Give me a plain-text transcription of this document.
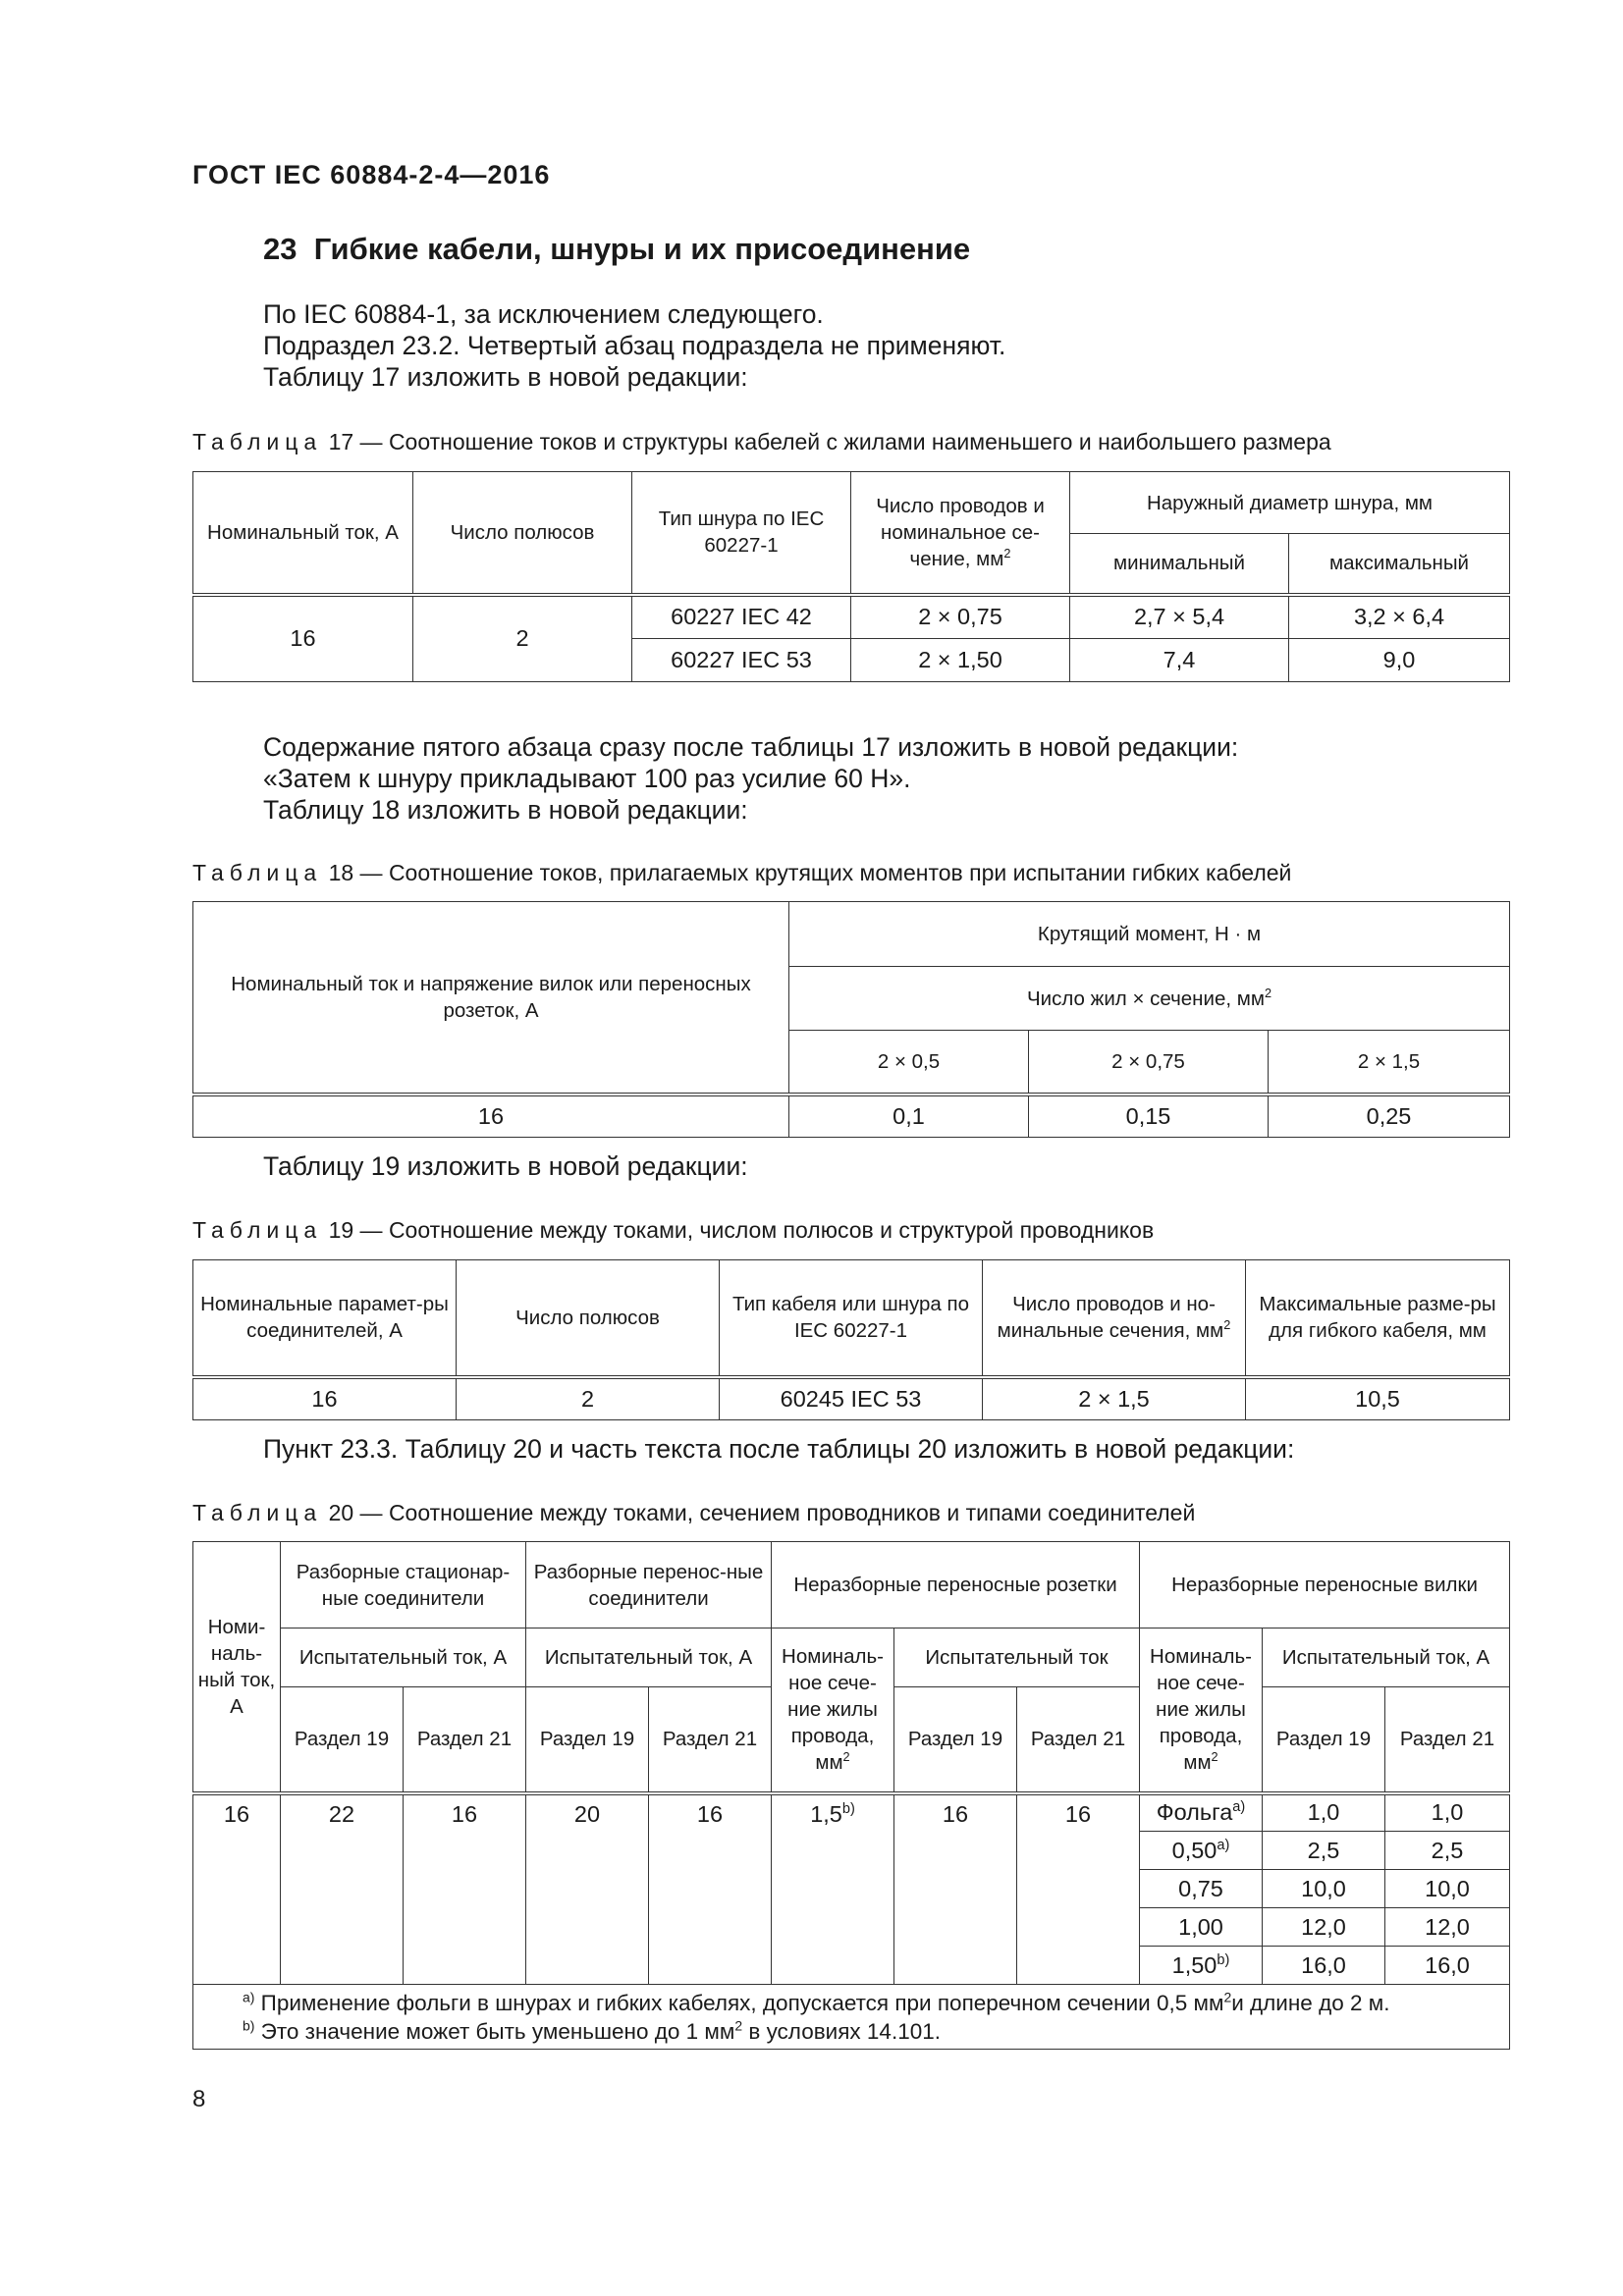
ГОСТ IEC 60884-2-4—2016
23 Гибкие кабели, шнуры и их присоединение
По IEC 60884-1, за исключением следующего.
Подраздел 23.2. Четвертый абзац подраздела не применяют.
Таблицу 17 изложить в новой редакции:
Таблица 17 — Соотношение токов и структуры кабелей с жилами наименьшего и наибольшего размера
Номинальный ток, А	Число полюсов	Тип шнура по IEC 60227-1	Число проводов и номинальное се-чение, $мм^2$	Наружный диаметр шнура, мм	
				минимальный	максимальный
16	2	60227 IEC 42	2 × 0,75	2,7 × 5,4	3,2 × 6,4
		60227 IEC 53	2 × 1,50	7,4	9,0
Содержание пятого абзаца сразу после таблицы 17 изложить в новой редакции:
«Затем к шнуру прикладывают 100 раз усилие 60 Н».
Таблицу 18 изложить в новой редакции:
Таблица 18 — Соотношение токов, прилагаемых крутящих моментов при испытании гибких кабелей
Номинальный ток и напряжение вилок или переносных розеток, А	Крутящий момент, Н · м		
	Число жил × сечение, $мм^2$
	2 × 0,5	2 × 0,75	2 × 1,5
16	0,1	0,15	0,25
Таблицу 19 изложить в новой редакции:
Таблица 19 — Соотношение между токами, числом полюсов и структурой проводников
Номинальные парамет-ры соединителей, А	Число полюсов	Тип кабеля или шнура по IEC 60227-1	Число проводов и но-минальные сечения, $мм^2$	Максимальные разме-ры для гибкого кабеля, мм
16	2	60245 IEC 53	2 × 1,5	10,5
Пункт 23.3. Таблицу 20 и часть текста после таблицы 20 изложить в новой редакции:
Таблица 20 — Соотношение между токами, сечением проводников и типами соединителей
Номи-наль-ный ток, А	Разборные стационар-ные соединители		Разборные перенос-ные соединители		Неразборные переносные розетки			Неразборные переносные вилки		
	Испытательный ток, А		Испытательный ток, А		Номиналь-ное сече-ние жилы провода, $мм^2$	Испытательный ток		Номиналь-ное сече-ние жилы провода, $мм^2$	Испытательный ток, А	
	Раздел 19	Раздел 21	Раздел 19	Раздел 21		Раздел 19	Раздел 21		Раздел 19	Раздел 21
16	22	16	20	16	1,5$^{b)}$	16	16	Фольга$^{a)}$	1,0	1,0
								0,50$^{a)}$	2,5	2,5
								0,75	10,0	10,0
								1,00	12,0	12,0
								1,50$^{b)}$	16,0	16,0

$^{а)}$ Применение фольги в шнурах и гибких кабелях, допускается при поперечном сечении 0,5 $мм^2и$ длине до 2 м.
$^{b)}$ Это значение может быть уменьшено до 1 $мм^2$ в условиях 14.101.										
8
